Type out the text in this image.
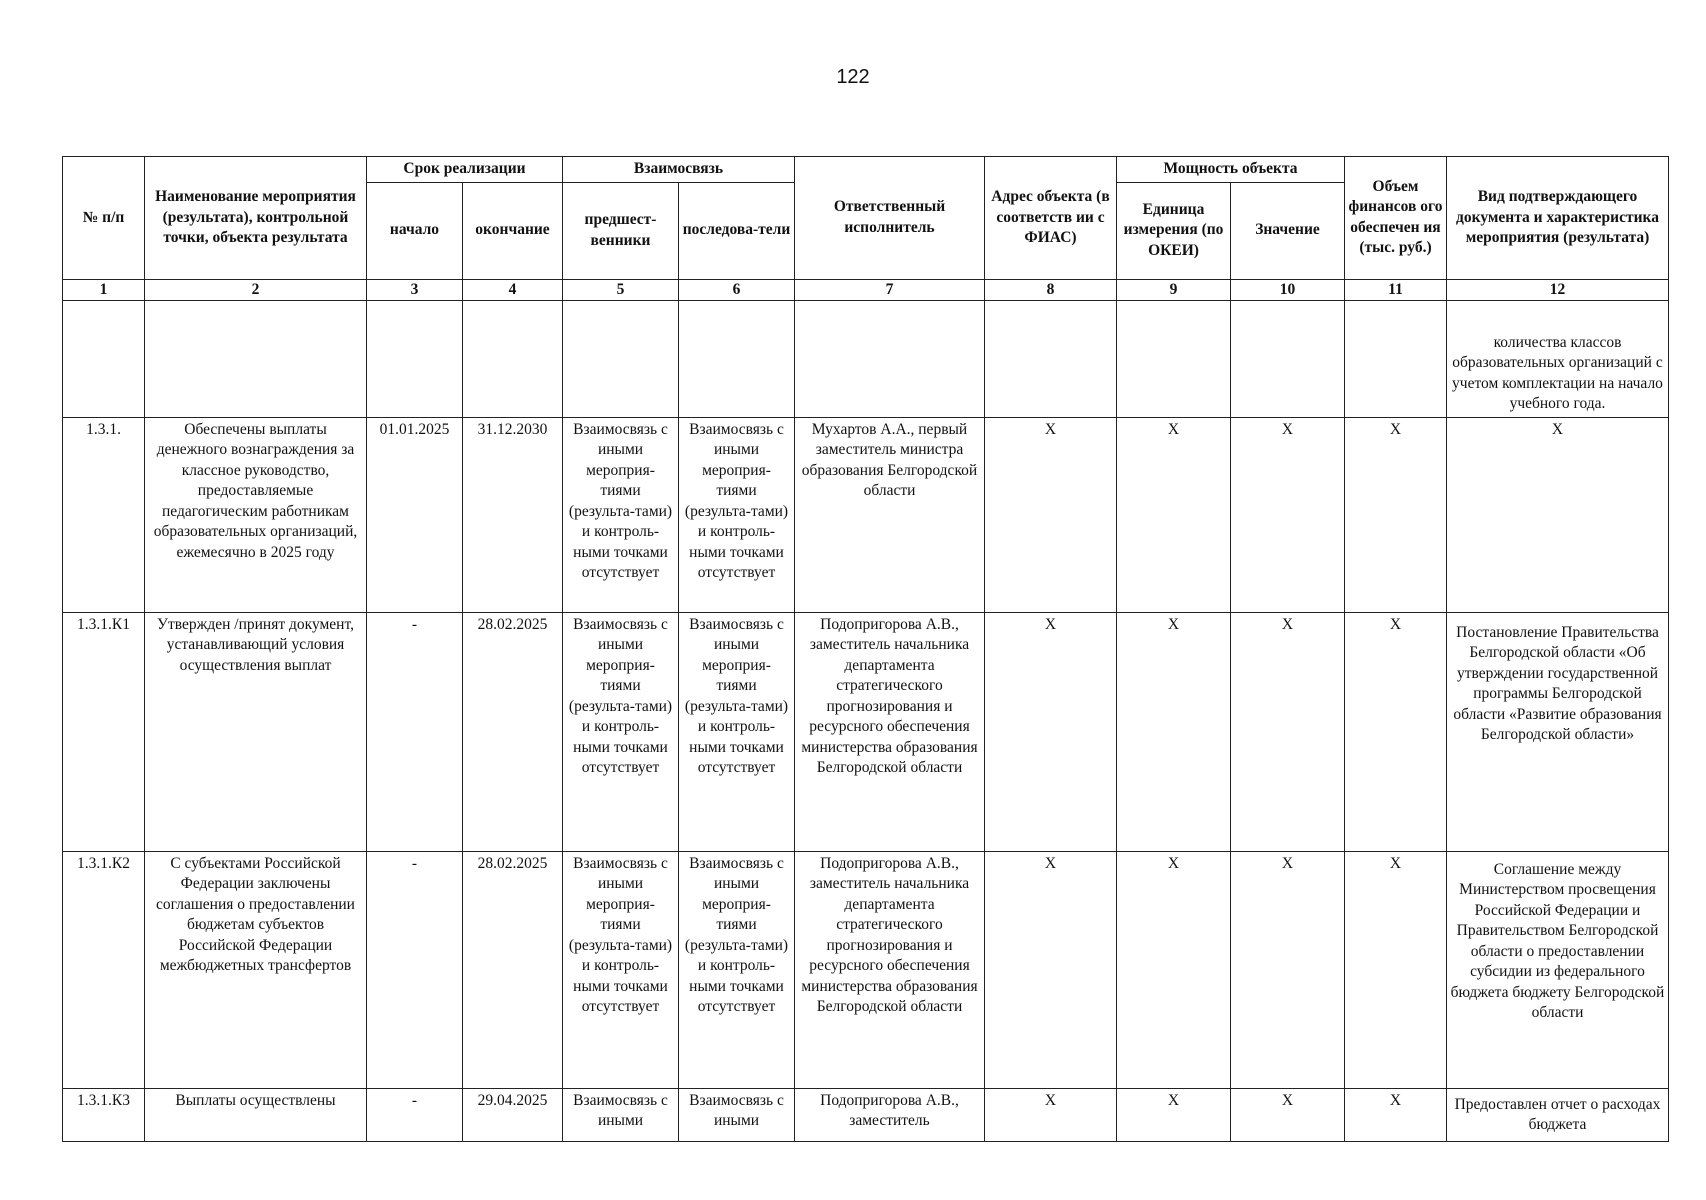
122
№ п/п	Наименование мероприятия (результата), контрольной точки, объекта результата	Срок реализации		Взаимосвязь		Ответственный исполнитель	Адрес объекта (в соответств ии с ФИАС)	Мощность объекта		Объем финансов ого обеспечен ия (тыс. руб.)	Вид подтверждающего документа и характеристика мероприятия (результата)
		начало	окончание	предшест-венники	последова-тели			Единица измерения (по ОКЕИ)	Значение		
1	2	3	4	5	6	7	8	9	10	11	12
											количества классов образовательных организаций с учетом комплектации на начало учебного года.
1.3.1.	Обеспечены выплаты денежного вознаграждения за классное руководство, предоставляемые педагогическим работникам образовательных организаций, ежемесячно в 2025 году	01.01.2025	31.12.2030	Взаимосвязь с иными мероприя-тиями (результа-тами) и контроль-ными точками отсутствует	Взаимосвязь с иными мероприя-тиями (результа-тами) и контроль-ными точками отсутствует	Мухартов А.А., первый заместитель министра образования Белгородской области	X	X	X	X	X
1.3.1.К1	Утвержден /принят документ, устанавливающий условия осуществления выплат	-	28.02.2025	Взаимосвязь с иными мероприя-тиями (результа-тами) и контроль-ными точками отсутствует	Взаимосвязь с иными мероприя-тиями (результа-тами) и контроль-ными точками отсутствует	Подопригорова А.В., заместитель начальника департамента стратегического прогнозирования и ресурсного обеспечения министерства образования Белгородской области	X	X	X	X	Постановление Правительства Белгородской области «Об утверждении государственной программы Белгородской области «Развитие образования Белгородской области»
1.3.1.К2	С субъектами Российской Федерации заключены соглашения о предоставлении бюджетам субъектов Российской Федерации межбюджетных трансфертов	-	28.02.2025	Взаимосвязь с иными мероприя-тиями (результа-тами) и контроль-ными точками отсутствует	Взаимосвязь с иными мероприя-тиями (результа-тами) и контроль-ными точками отсутствует	Подопригорова А.В., заместитель начальника департамента стратегического прогнозирования и ресурсного обеспечения министерства образования Белгородской области	X	X	X	X	Соглашение между Министерством просвещения Российской Федерации и Правительством Белгородской области о предоставлении субсидии из федерального бюджета бюджету Белгородской области
1.3.1.К3	Выплаты осуществлены	-	29.04.2025	Взаимосвязь с иными	Взаимосвязь с иными	Подопригорова А.В., заместитель	X	X	X	X	Предоставлен отчет о расходах бюджета
